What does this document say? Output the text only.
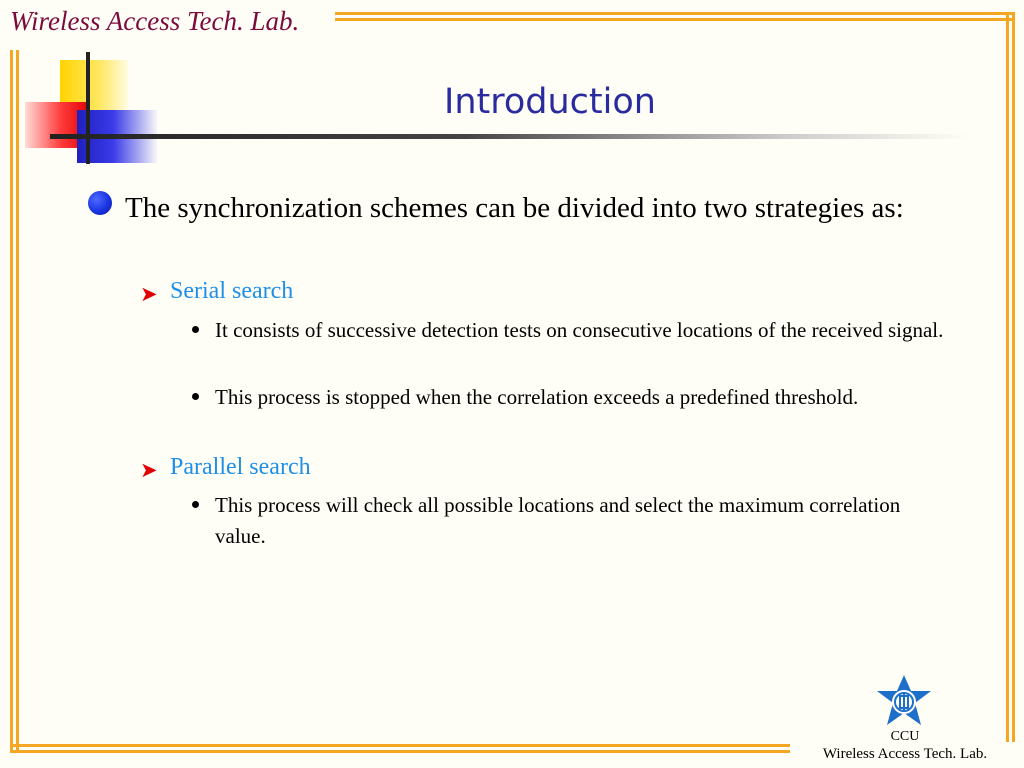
Wireless Access Tech. Lab.
Introduction
The synchronization schemes can be divided into two strategies as:
➤ Serial search
It consists of successive detection tests on consecutive locations of the received signal.
This process is stopped when the correlation exceeds a predefined threshold.
➤ Parallel search
This process will check all possible locations and select the maximum correlation value.
CCU
Wireless Access Tech. Lab.
